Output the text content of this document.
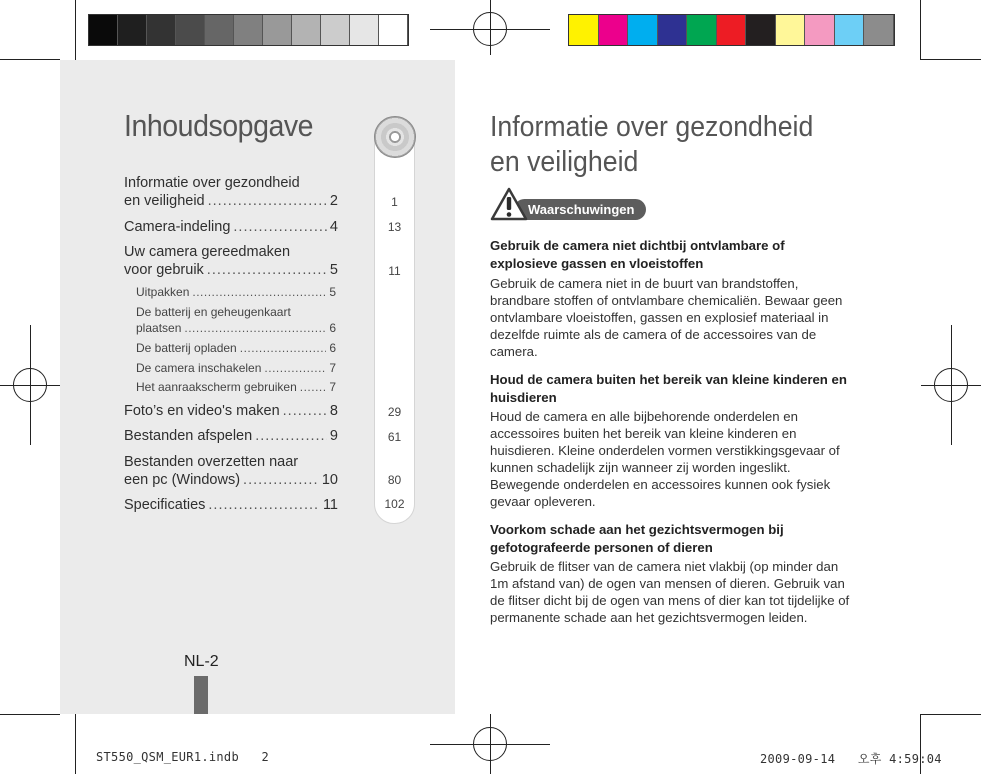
Inhoudsopgave
1
13
11
29
61
80
102
Informatie over gezondheid
en veiligheid .....	2
Camera-indeling .....	4
Uw camera gereedmaken
voor gebruik .....	5
Uitpakken .....	5
De batterij en geheugenkaart
plaatsen .....	6
De batterij opladen .....	6
De camera inschakelen .....	7
Het aanraakscherm gebruiken .....	7
Foto’s en video's maken .....	8
Bestanden afspelen .....	9
Bestanden overzetten naar
een pc (Windows) .....	10
Specificaties .....	11
NL-2
Informatie over gezondheid en veiligheid
Waarschuwingen
Gebruik de camera niet dichtbij ontvlambare of explosieve gassen en vloeistoffen
Gebruik de camera niet in de buurt van brandstoffen, brandbare stoffen of ontvlambare chemicaliën. Bewaar geen ontvlambare vloeistoffen, gassen en explosief materiaal in dezelfde ruimte als de camera of de accessoires van de camera.
Houd de camera buiten het bereik van kleine kinderen en huisdieren
Houd de camera en alle bijbehorende onderdelen en accessoires buiten het bereik van kleine kinderen en huisdieren. Kleine onderdelen vormen verstikkingsgevaar of kunnen schadelijk zijn wanneer zij worden ingeslikt. Bewegende onderdelen en accessoires kunnen ook fysiek gevaar opleveren.
Voorkom schade aan het gezichtsvermogen bij gefotografeerde personen of dieren
Gebruik de flitser van de camera niet vlakbij (op minder dan 1m afstand van) de ogen van mensen of dieren. Gebruik van de flitser dicht bij de ogen van mens of dier kan tot tijdelijke of permanente schade aan het gezichtsvermogen leiden.
ST550_QSM_EUR1.indb   2	2009-09-14   오후 4:59:04
